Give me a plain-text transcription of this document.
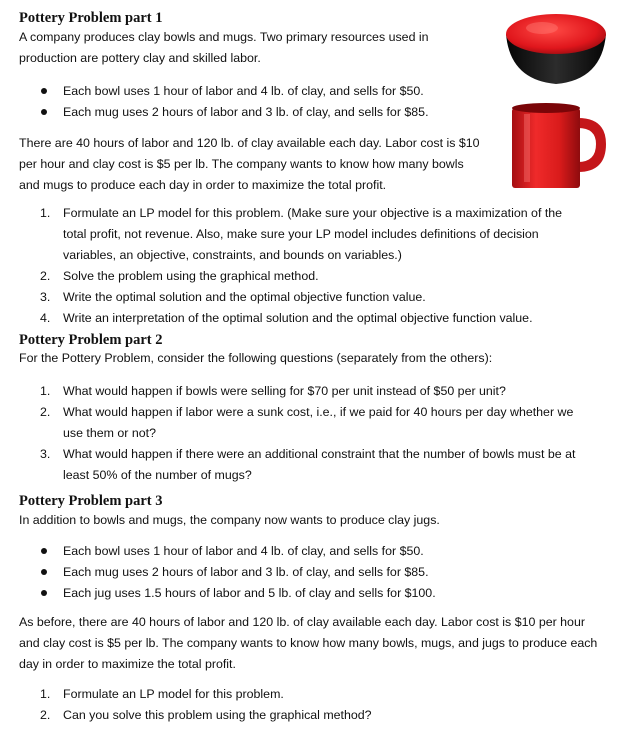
Pottery Problem part 1

A company produces clay bowls and mugs. Two primary resources used in
production are pottery clay and skilled labor.

Each bowl uses 1 hour of labor and 4 lb. of clay, and sells for $50.
Each mug uses 2 hours of labor and 3 lb. of clay, and sells for $85.

There are 40 hours of labor and 120 lb. of clay available each day. Labor cost is $10
per hour and clay cost is $5 per lb. The company wants to know how many bowls
and mugs to produce each day in order to maximize the total profit.

1. Formulate an LP model for this problem. (Make sure your objective is a maximization of the
total profit, not revenue. Also, make sure your LP model includes definitions of decision
variables, an objective, constraints, and bounds on variables.)
2. Solve the problem using the graphical method.
3. Write the optimal solution and the optimal objective function value.
4. Write an interpretation of the optimal solution and the optimal objective function value.
Pottery Problem part 2

For the Pottery Problem, consider the following questions (separately from the others):

1. What would happen if bowls were selling for $70 per unit instead of $50 per unit?
2. What would happen if labor were a sunk cost, i.e., if we paid for 40 hours per day whether we
use them or not?
3. What would happen if there were an additional constraint that the number of bowls must be at
least 50% of the number of mugs?
Pottery Problem part 3

In addition to bowls and mugs, the company now wants to produce clay jugs.

Each bowl uses 1 hour of labor and 4 lb. of clay, and sells for $50.
Each mug uses 2 hours of labor and 3 lb. of clay, and sells for $85.
Each jug uses 1.5 hours of labor and 5 lb. of clay and sells for $100.

As before, there are 40 hours of labor and 120 lb. of clay available each day. Labor cost is $10 per hour
and clay cost is $5 per lb. The company wants to know how many bowls, mugs, and jugs to produce each
day in order to maximize the total profit.

1. Formulate an LP model for this problem.
2. Can you solve this problem using the graphical method?
